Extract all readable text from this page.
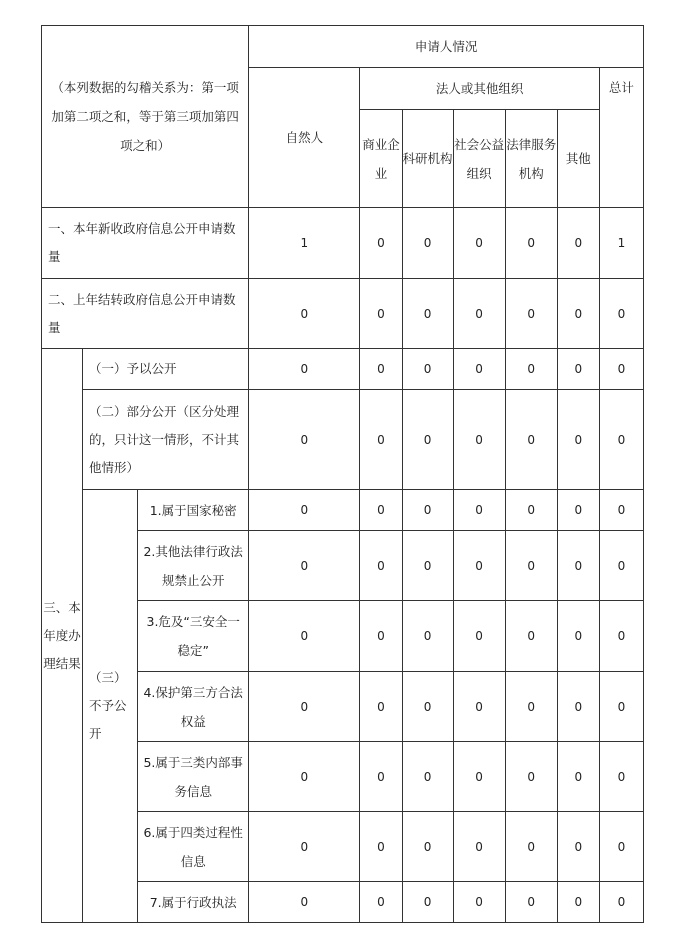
（本列数据的勾稽关系为：第一项加第二项之和，等于第三项加第四项之和）			申请人情况						
			自然人	法人或其他组织					总计
				商业企业	科研机构	社会公益组织	法律服务机构	其他	
一、本年新收政府信息公开申请数量			1	0	0	0	0	0	1
二、上年结转政府信息公开申请数量			0	0	0	0	0	0	0
三、本年度办理结果	（一）予以公开		0	0	0	0	0	0	0
	（二）部分公开（区分处理的，只计这一情形，不计其他情形）		0	0	0	0	0	0	0
	（三）不予公开	1.属于国家秘密	0	0	0	0	0	0	0
		2.其他法律行政法规禁止公开	0	0	0	0	0	0	0
		3.危及“三安全一稳定”	0	0	0	0	0	0	0
		4.保护第三方合法权益	0	0	0	0	0	0	0
		5.属于三类内部事务信息	0	0	0	0	0	0	0
		6.属于四类过程性信息	0	0	0	0	0	0	0
		7.属于行政执法	0	0	0	0	0	0	0
